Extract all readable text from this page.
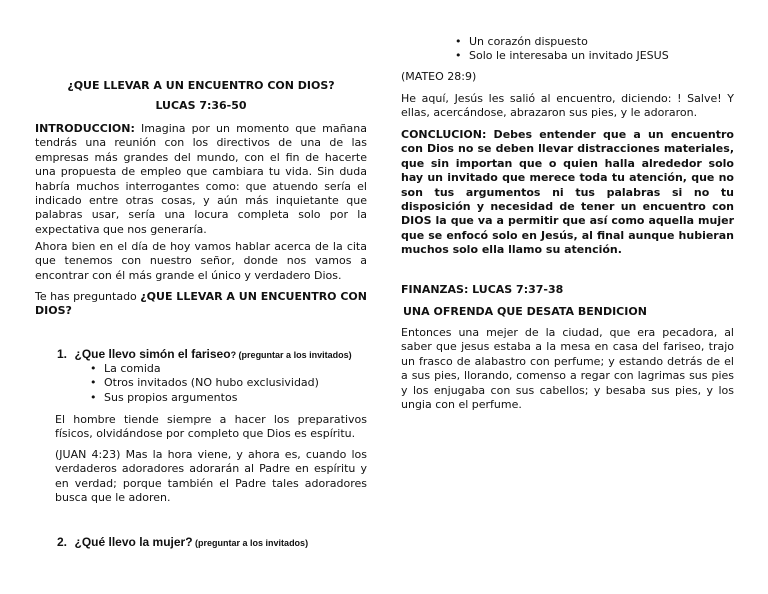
¿QUE LLEVAR A UN ENCUENTRO CON DIOS?

LUCAS 7:36-50

INTRODUCCION: Imagina por un momento que mañana tendrás una reunión con los directivos de una de las empresas más grandes del mundo, con el fin de hacerte una propuesta de empleo que cambiara tu vida. Sin duda habría muchos interrogantes como: que atuendo sería el indicado entre otras cosas, y aún más inquietante que palabras usar, sería una locura completa solo por la expectativa que nos generaría.

Ahora bien en el día de hoy vamos hablar acerca de la cita que tenemos con nuestro señor, donde nos vamos a encontrar con él más grande el único y verdadero Dios.

Te has preguntado ¿QUE LLEVAR A UN ENCUENTRO CON DIOS?

1. ¿Que llevo simón el fariseo? (preguntar a los invitados)
• La comida
• Otros invitados (NO hubo exclusividad)
• Sus propios argumentos

El hombre tiende siempre a hacer los preparativos físicos, olvidándose por completo que Dios es espíritu.

(JUAN 4:23) Mas la hora viene, y ahora es, cuando los verdaderos adoradores adorarán al Padre en espíritu y en verdad; porque también el Padre tales adoradores busca que le adoren.

2. ¿Qué llevo la mujer? (preguntar a los invitados)
• Un corazón dispuesto
• Solo le interesaba un invitado JESUS

(MATEO 28:9)

He aquí, Jesús les salió al encuentro, diciendo: ! Salve! Y ellas, acercándose, abrazaron sus pies, y le adoraron.

CONCLUCION: Debes entender que a un encuentro con Dios no se deben llevar distracciones materiales, que sin importan que o quien halla alrededor solo hay un invitado que merece toda tu atención, que no son tus argumentos ni tus palabras si no tu disposición y necesidad de tener un encuentro con DIOS la que va a permitir que así como aquella mujer que se enfocó solo en Jesús, al final aunque hubieran muchos solo ella llamo su atención.

FINANZAS: LUCAS 7:37-38

UNA OFRENDA QUE DESATA BENDICION

Entonces una mejer de la ciudad, que era pecadora, al saber que jesus estaba a la mesa en casa del fariseo, trajo un frasco de alabastro con perfume; y estando detrás de el a sus pies, llorando, comenso a regar con lagrimas sus pies y los enjugaba con sus cabellos; y besaba sus pies, y los ungia con el perfume.
